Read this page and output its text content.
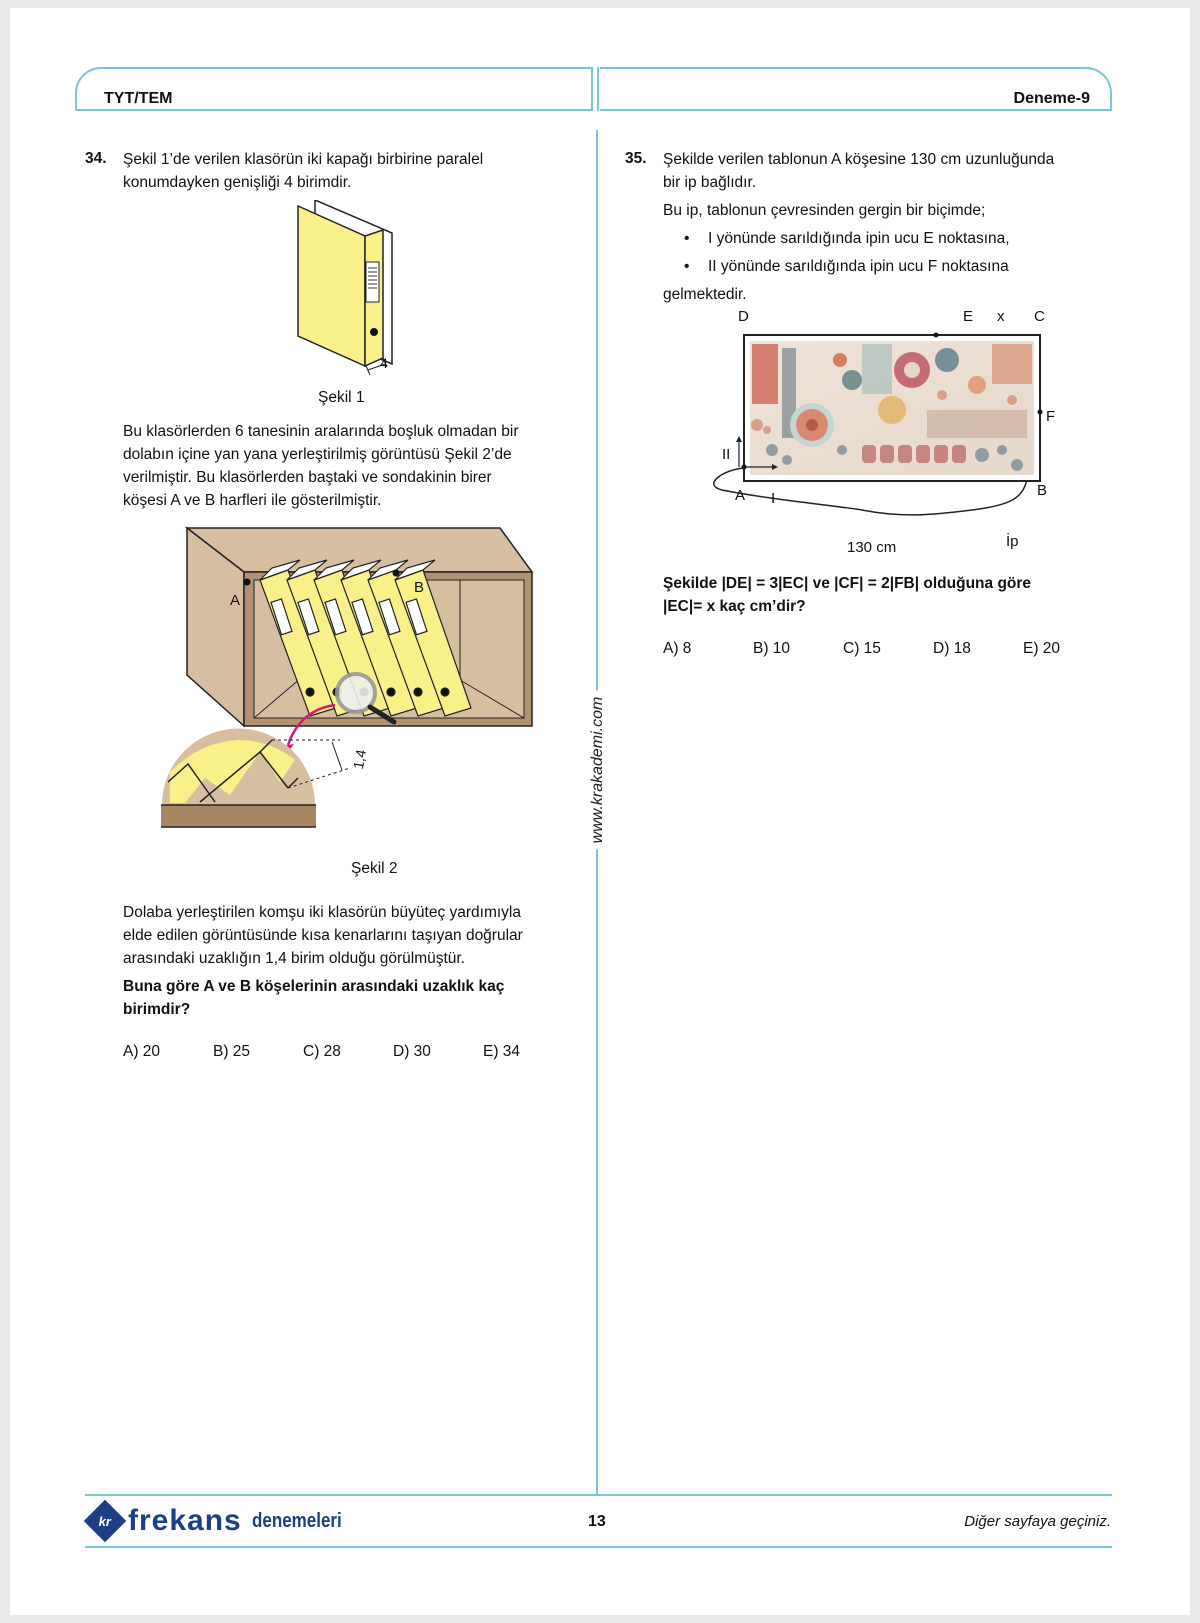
TYT/TEM	Deneme-9
www.krakademi.com
34. Şekil 1’de verilen klasörün iki kapağı birbirine paralel
konumdayken genişliği 4 birimdir.
4
Şekil 1
Bu klasörlerden 6 tanesinin aralarında boşluk olmadan bir
dolabın içine yan yana yerleştirilmiş görüntüsü Şekil 2’de
verilmiştir. Bu klasörlerden baştaki ve sondakinin birer
köşesi A ve B harfleri ile gösterilmiştir.
A
B
1,4
Şekil 2
Dolaba yerleştirilen komşu iki klasörün büyüteç yardımıyla
elde edilen görüntüsünde kısa kenarlarını taşıyan doğrular
arasındaki uzaklığın 1,4 birim olduğu görülmüştür.
Buna göre A ve B köşelerinin arasındaki uzaklık kaç
birimdir?
A) 20	B) 25	C) 28	D) 30	E) 34
35. Şekilde verilen tablonun A köşesine 130 cm uzunluğunda
bir ip bağlıdır.
Bu ip, tablonun çevresinden gergin bir biçimde;
• I yönünde sarıldığında ipin ucu E noktasına,
• II yönünde sarıldığında ipin ucu F noktasına
gelmektedir.
D	E x C
F
II
A I	B
130 cm	İp
Şekilde |DE| = 3|EC| ve |CF| = 2|FB| olduğuna göre
|EC|= x kaç cm’dir?
A) 8	B) 10	C) 15	D) 18	E) 20
kr frekans denemeleri	13	Diğer sayfaya geçiniz.
